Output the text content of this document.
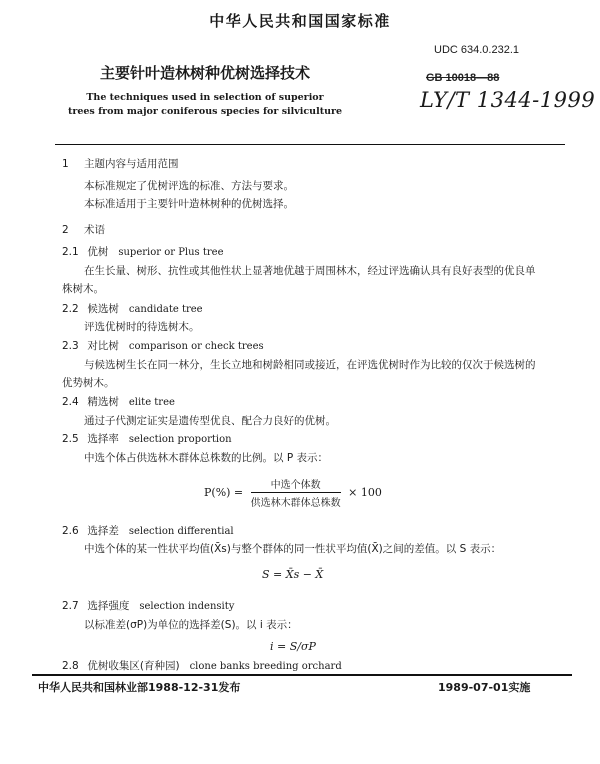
中华人民共和国国家标准
UDC 634.0.232.1
主要针叶造林树种优树选择技术
The techniques used in selection of superior
trees from major coniferous species for silviculture
GB 10018—88
LY/T 1344-1999
1 主题内容与适用范围
本标准规定了优树评选的标准、方法与要求。
本标准适用于主要针叶造林树种的优树选择。
2 术语
2.1 优树 superior or Plus tree
在生长量、树形、抗性或其他性状上显著地优越于周围林木，经过评选确认具有良好表型的优良单
株树木。
2.2 候选树 candidate tree
评选优树时的待选树木。
2.3 对比树 comparison or check trees
与候选树生长在同一林分，生长立地和树龄相同或接近，在评选优树时作为比较的仅次于候选树的
优势树木。
2.4 精选树 elite tree
通过子代测定证实是遗传型优良、配合力良好的优树。
2.5 选择率 selection proportion
中选个体占供选林木群体总株数的比例。以 P 表示：
$P(\%) = \frac{\text{中选个体数}}{\text{供选林木群体总株数}} \times 100$
2.6 选择差 selection differential
中选个体的某一性状平均值(X̄s)与整个群体的同一性状平均值(X̄)之间的差值。以 S 表示：
S = X̄s − X̄
2.7 选择强度 selection indensity
以标准差(σP)为单位的选择差(S)。以 i 表示：
i = S/σP
2.8 优树收集区(育种园) clone banks breeding orchard
中华人民共和国林业部1988-12-31发布	1989-07-01实施
